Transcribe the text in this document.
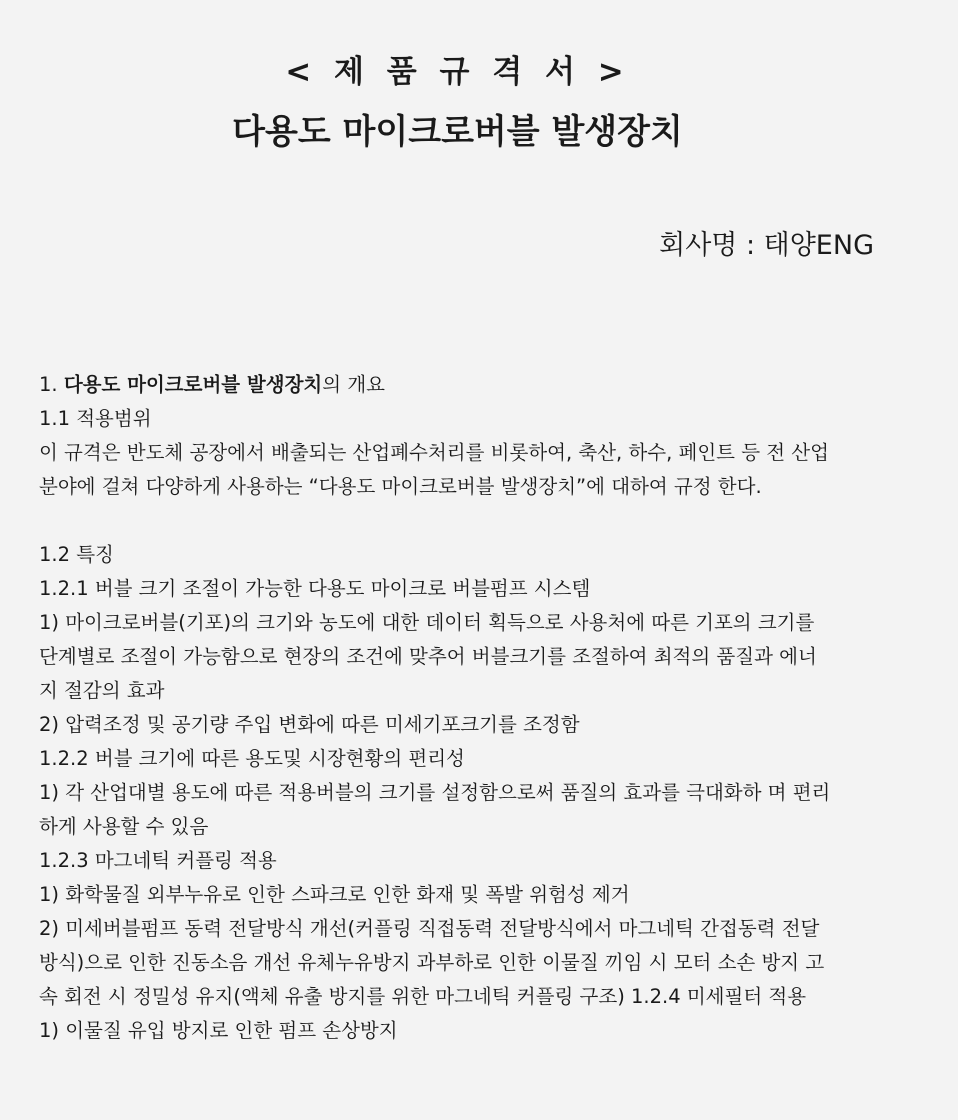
< 제 품 규 격 서 >
다용도 마이크로버블 발생장치
회사명 : 태양ENG
1. 다용도 마이크로버블 발생장치의 개요
1.1 적용범위
이 규격은 반도체 공장에서 배출되는 산업폐수처리를 비롯하여, 축산, 하수, 페인트 등 전 산업
분야에 걸쳐 다양하게 사용하는 “다용도 마이크로버블 발생장치”에 대하여 규정 한다.
1.2 특징
1.2.1 버블 크기 조절이 가능한 다용도 마이크로 버블펌프 시스템
1) 마이크로버블(기포)의 크기와 농도에 대한 데이터 획득으로 사용처에 따른 기포의 크기를
단계별로 조절이 가능함으로 현장의 조건에 맞추어 버블크기를 조절하여 최적의 품질과 에너
지 절감의 효과
2) 압력조정 및 공기량 주입 변화에 따른 미세기포크기를 조정함
1.2.2 버블 크기에 따른 용도및 시장현황의 편리성
1) 각 산업대별 용도에 따른 적용버블의 크기를 설정함으로써 품질의 효과를 극대화하 며 편리
하게 사용할 수 있음
1.2.3 마그네틱 커플링 적용
1) 화학물질 외부누유로 인한 스파크로 인한 화재 및 폭발 위험성 제거
2) 미세버블펌프 동력 전달방식 개선(커플링 직접동력 전달방식에서 마그네틱 간접동력 전달
방식)으로 인한 진동소음 개선 유체누유방지 과부하로 인한 이물질 끼임 시 모터 소손 방지 고
속 회전 시 정밀성 유지(액체 유출 방지를 위한 마그네틱 커플링 구조) 1.2.4 미세필터 적용
1) 이물질 유입 방지로 인한 펌프 손상방지
